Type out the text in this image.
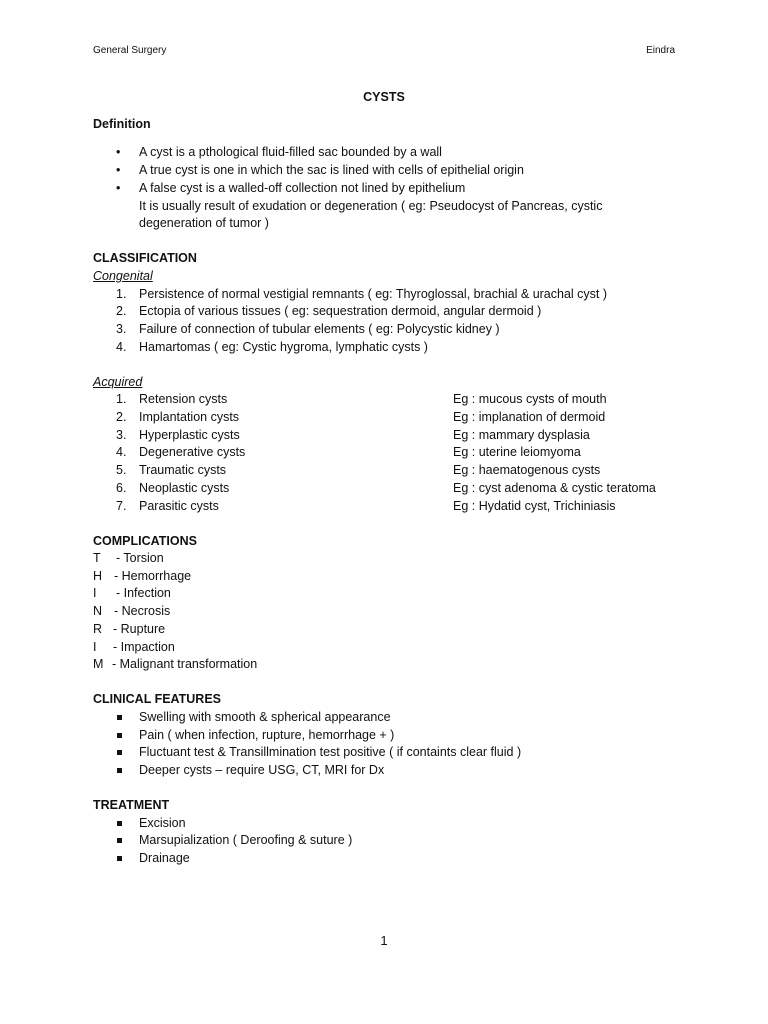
General Surgery	Eindra
CYSTS
Definition
• A cyst is a pthological fluid-filled sac bounded by a wall
• A true cyst is one in which the sac is lined with cells of epithelial origin
• A false cyst is a walled-off collection not lined by epithelium
It is usually result of exudation or degeneration ( eg: Pseudocyst of Pancreas, cystic
degeneration of tumor )
CLASSIFICATION
Congenital
1. Persistence of normal vestigial remnants ( eg: Thyroglossal, brachial & urachal cyst )
2. Ectopia of various tissues ( eg: sequestration dermoid, angular dermoid )
3. Failure of connection of tubular elements ( eg: Polycystic kidney )
4. Hamartomas ( eg: Cystic hygroma, lymphatic cysts )
Acquired
1. Retension cysts	Eg : mucous cysts of mouth
2. Implantation cysts	Eg : implanation of dermoid
3. Hyperplastic cysts	Eg : mammary dysplasia
4. Degenerative cysts	Eg : uterine leiomyoma
5. Traumatic cysts	Eg : haematogenous cysts
6. Neoplastic cysts	Eg : cyst adenoma & cystic teratoma
7. Parasitic cysts	Eg : Hydatid cyst, Trichiniasis
COMPLICATIONS
T - Torsion
H - Hemorrhage
I - Infection
N - Necrosis
R - Rupture
I - Impaction
M - Malignant transformation
CLINICAL FEATURES
Swelling with smooth & spherical appearance
Pain ( when infection, rupture, hemorrhage + )
Fluctuant test & Transillmination test positive ( if containts clear fluid )
Deeper cysts – require USG, CT, MRI for Dx
TREATMENT
Excision
Marsupialization ( Deroofing & suture )
Drainage
1
